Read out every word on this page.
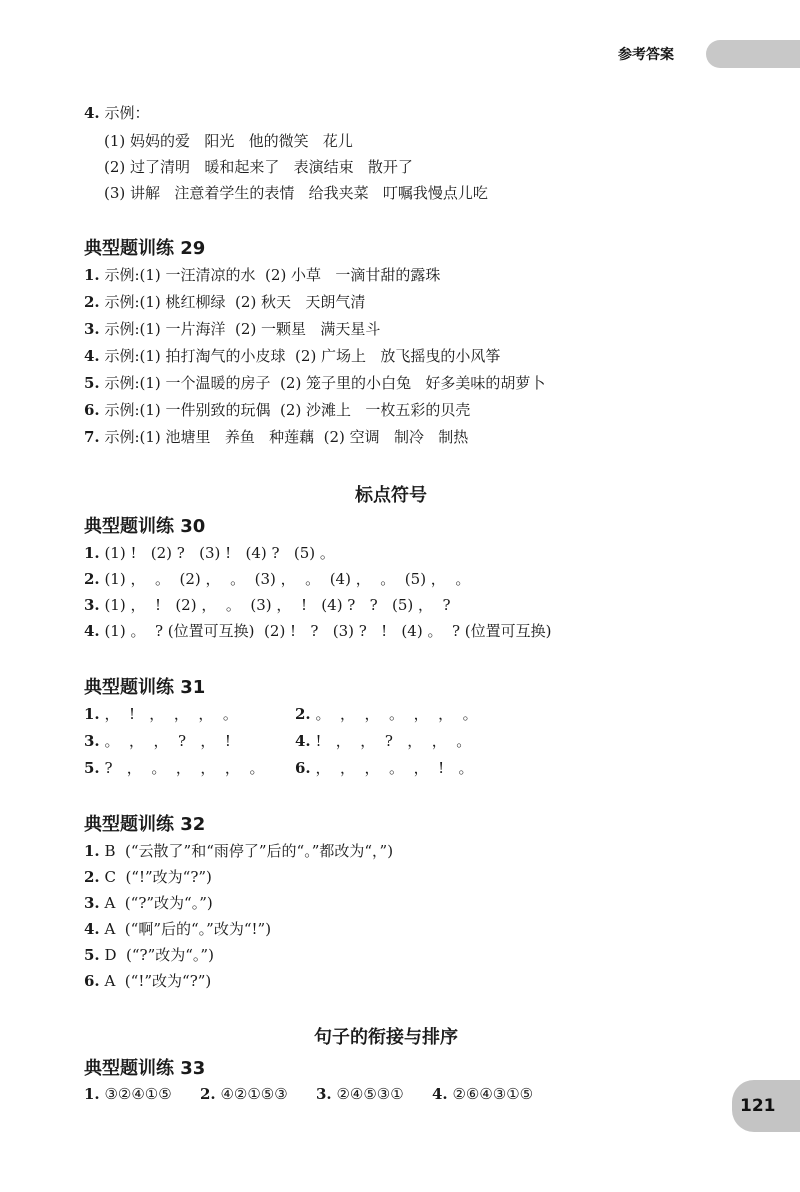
参考答案
4. 示例：
(1) 妈妈的爱   阳光   他的微笑   花儿
(2) 过了清明   暖和起来了   表演结束   散开了
(3) 讲解   注意着学生的表情   给我夹菜   叮嘱我慢点儿吃
典型题训练 29
1. 示例:(1) 一汪清凉的水  (2) 小草   一滴甘甜的露珠
2. 示例:(1) 桃红柳绿  (2) 秋天   天朗气清
3. 示例:(1) 一片海洋  (2) 一颗星   满天星斗
4. 示例:(1) 拍打淘气的小皮球  (2) 广场上   放飞摇曳的小风筝
5. 示例:(1) 一个温暖的房子  (2) 笼子里的小白兔   好多美味的胡萝卜
6. 示例:(1) 一件别致的玩偶  (2) 沙滩上   一枚五彩的贝壳
7. 示例:(1) 池塘里   养鱼   种莲藕  (2) 空调   制冷   制热
标点符号
典型题训练 30
1. (1) !   (2) ?   (3) !   (4) ?   (5) 。
2. (1) ，  。  (2) ，  。  (3) ，  。  (4) ，  。  (5) ，  。
3. (1) ，  !   (2) ，  。  (3) ，  !   (4) ?   ?   (5) ，  ?
4. (1) 。  ? (位置可互换)  (2) !   ?   (3) ?   !   (4) 。  ? (位置可互换)
典型题训练 31
1. ，  !   ，  ，  ，  。	2. 。  ，  ，  。  ，  ，  。
3. 。  ，  ，  ?   ，  !	4. !   ，  ，  ?   ，  ，  。
5. ?   ，  。  ，  ，  ，  。 6. ，  ，  ，  。  ，  !   。
典型题训练 32
1. B  (“云散了”和“雨停了”后的“。”都改为“，”)
2. C  (“!”改为“?”)
3. A  (“?”改为“。”)
4. A  (“啊”后的“。”改为“!”)
5. D  (“?”改为“。”)
6. A  (“!”改为“?”)
句子的衔接与排序
典型题训练 33
1. ③②④①⑤ 2. ④②①⑤③ 3. ②④⑤③① 4. ②⑥④③①⑤
121
